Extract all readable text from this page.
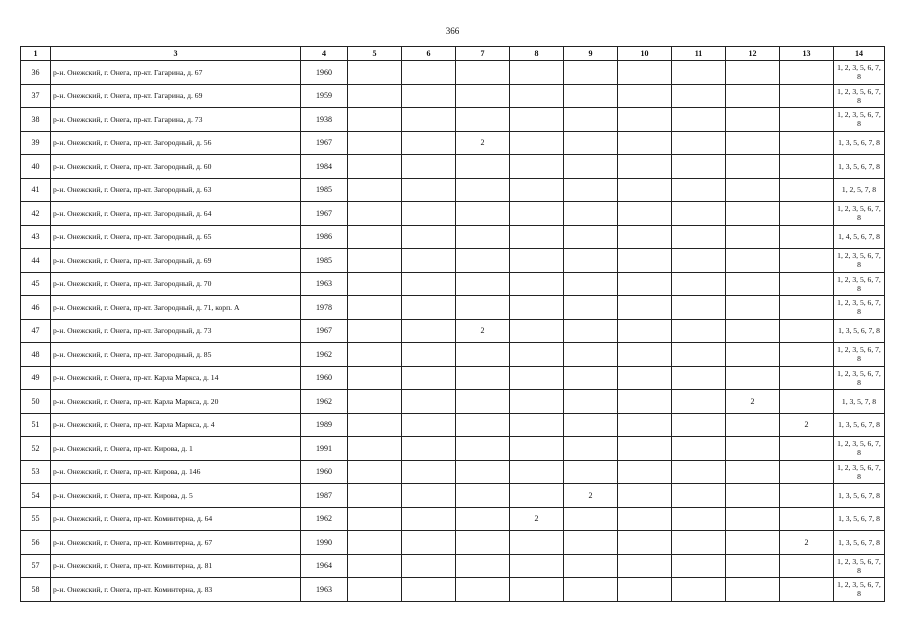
366
1	3	4	5	6	7	8	9	10	11	12	13	14
36	р-н. Онежский, г. Онега, пр-кт. Гагарина, д. 67	1960										1, 2, 3, 5, 6, 7, 8
37	р-н. Онежский, г. Онега, пр-кт. Гагарина, д. 69	1959										1, 2, 3, 5, 6, 7, 8
38	р-н. Онежский, г. Онега, пр-кт. Гагарина, д. 73	1938										1, 2, 3, 5, 6, 7, 8
39	р-н. Онежский, г. Онега, пр-кт. Загородный, д. 56	1967			2							1, 3, 5, 6, 7, 8
40	р-н. Онежский, г. Онега, пр-кт. Загородный, д. 60	1984										1, 3, 5, 6, 7, 8
41	р-н. Онежский, г. Онега, пр-кт. Загородный, д. 63	1985										1, 2, 5, 7, 8
42	р-н. Онежский, г. Онега, пр-кт. Загородный, д. 64	1967										1, 2, 3, 5, 6, 7, 8
43	р-н. Онежский, г. Онега, пр-кт. Загородный, д. 65	1986										1, 4, 5, 6, 7, 8
44	р-н. Онежский, г. Онега, пр-кт. Загородный, д. 69	1985										1, 2, 3, 5, 6, 7, 8
45	р-н. Онежский, г. Онега, пр-кт. Загородный, д. 70	1963										1, 2, 3, 5, 6, 7, 8
46	р-н. Онежский, г. Онега, пр-кт. Загородный, д. 71, корп. А	1978										1, 2, 3, 5, 6, 7, 8
47	р-н. Онежский, г. Онега, пр-кт. Загородный, д. 73	1967			2							1, 3, 5, 6, 7, 8
48	р-н. Онежский, г. Онега, пр-кт. Загородный, д. 85	1962										1, 2, 3, 5, 6, 7, 8
49	р-н. Онежский, г. Онега, пр-кт. Карла Маркса, д. 14	1960										1, 2, 3, 5, 6, 7, 8
50	р-н. Онежский, г. Онега, пр-кт. Карла Маркса, д. 20	1962								2		1, 3, 5, 7, 8
51	р-н. Онежский, г. Онега, пр-кт. Карла Маркса, д. 4	1989									2	1, 3, 5, 6, 7, 8
52	р-н. Онежский, г. Онега, пр-кт. Кирова, д. 1	1991										1, 2, 3, 5, 6, 7, 8
53	р-н. Онежский, г. Онега, пр-кт. Кирова, д. 146	1960										1, 2, 3, 5, 6, 7, 8
54	р-н. Онежский, г. Онега, пр-кт. Кирова, д. 5	1987					2					1, 3, 5, 6, 7, 8
55	р-н. Онежский, г. Онега, пр-кт. Коминтерна, д. 64	1962				2						1, 3, 5, 6, 7, 8
56	р-н. Онежский, г. Онега, пр-кт. Коминтерна, д. 67	1990									2	1, 3, 5, 6, 7, 8
57	р-н. Онежский, г. Онега, пр-кт. Коминтерна, д. 81	1964										1, 2, 3, 5, 6, 7, 8
58	р-н. Онежский, г. Онега, пр-кт. Коминтерна, д. 83	1963										1, 2, 3, 5, 6, 7, 8
